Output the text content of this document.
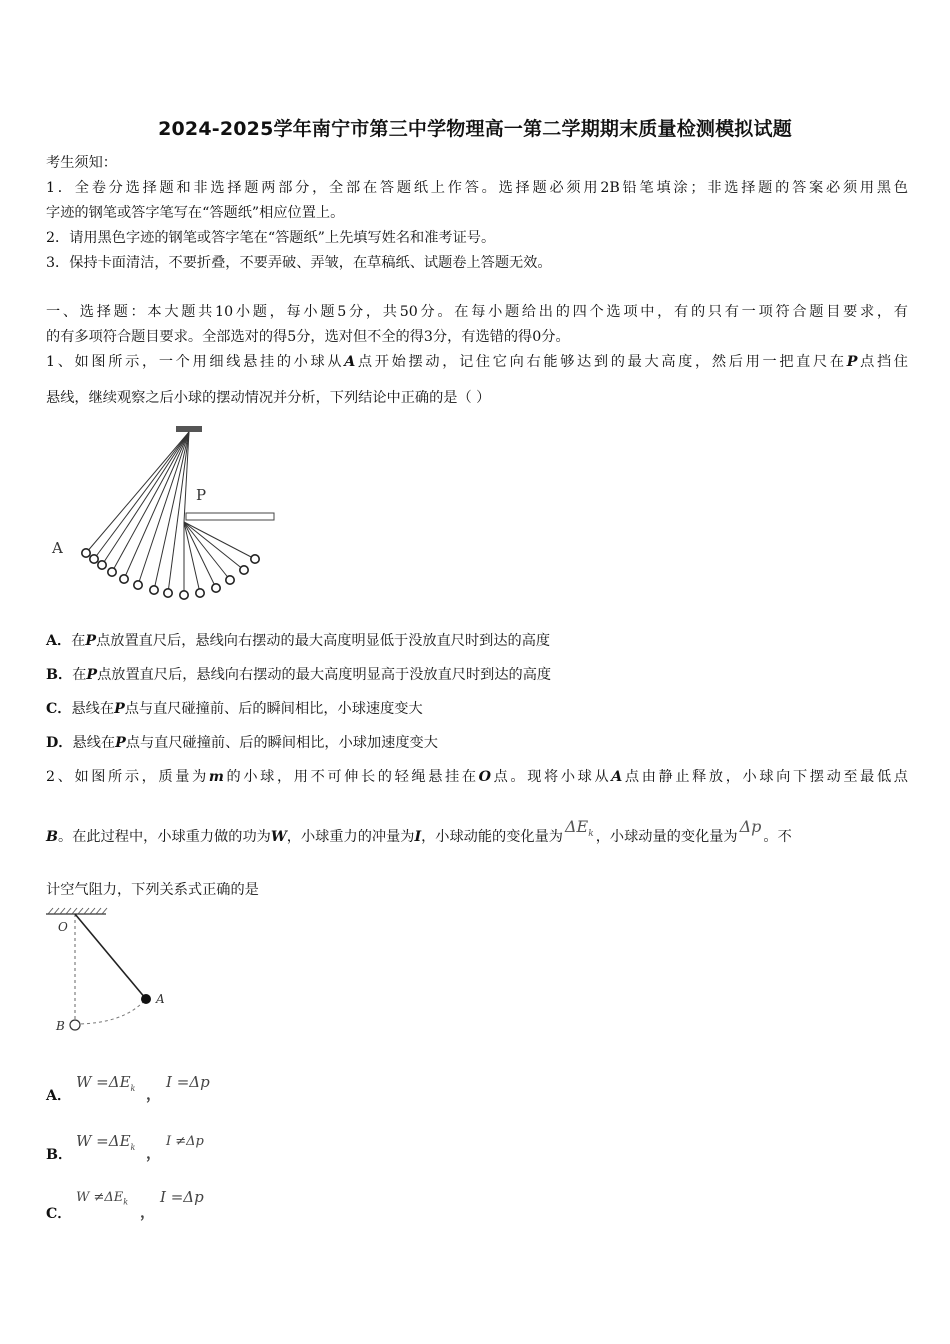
2024-2025学年南宁市第三中学物理高一第二学期期末质量检测模拟试题
考生须知：
1．全卷分选择题和非选择题两部分，全部在答题纸上作答。选择题必须用2B铅笔填涂；非选择题的答案必须用黑色
字迹的钢笔或答字笔写在“答题纸”相应位置上。
2．请用黑色字迹的钢笔或答字笔在“答题纸”上先填写姓名和准考证号。
3．保持卡面清洁，不要折叠，不要弄破、弄皱，在草稿纸、试题卷上答题无效。
一、选择题：本大题共10小题，每小题5分，共50分。在每小题给出的四个选项中，有的只有一项符合题目要求，有
的有多项符合题目要求。全部选对的得5分，选对但不全的得3分，有选错的得0分。
1、如图所示，一个用细线悬挂的小球从A点开始摆动，记住它向右能够达到的最大高度，然后用一把直尺在P点挡住
悬线，继续观察之后小球的摆动情况并分析，下列结论中正确的是（ ）
A
P
A．在P点放置直尺后，悬线向右摆动的最大高度明显低于没放直尺时到达的高度
B．在P点放置直尺后，悬线向右摆动的最大高度明显高于没放直尺时到达的高度
C．悬线在P点与直尺碰撞前、后的瞬间相比，小球速度变大
D．悬线在P点与直尺碰撞前、后的瞬间相比，小球加速度变大
2、如图所示，质量为m的小球，用不可伸长的轻绳悬挂在O点。现将小球从A点由静止释放，小球向下摆动至最低点
B。在此过程中，小球重力做的功为W，小球重力的冲量为I，小球动能的变化量为$\Delta E_k$ ，小球动量的变化量为Δp。不
计空气阻力，下列关系式正确的是
O
A
B
A．
$W =\Delta E_k$ ，
I =Δp
B．
$W =\Delta E_k$ ，
I ≠Δp
C．
$W \ne\Delta E_k$
，
I =Δp
